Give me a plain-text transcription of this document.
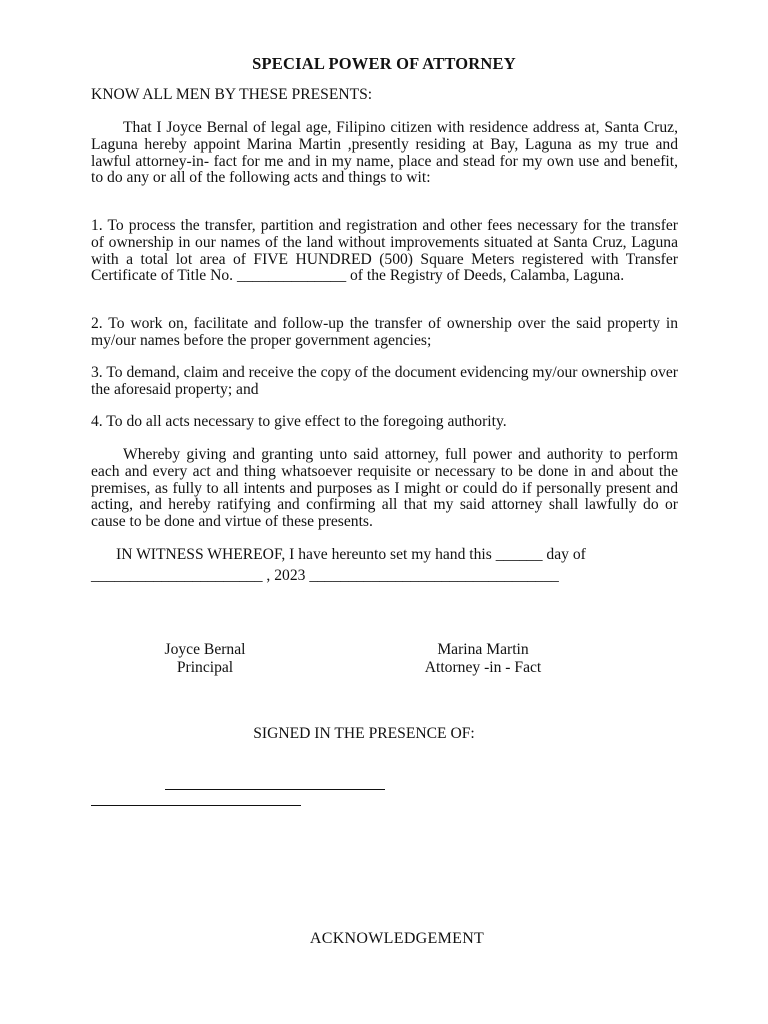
SPECIAL POWER OF ATTORNEY

KNOW ALL MEN BY THESE PRESENTS:

That I Joyce Bernal of legal age, Filipino citizen with residence address at, Santa Cruz, Laguna hereby appoint Marina Martin ,presently residing at Bay, Laguna as my true and lawful attorney-in- fact for me and in my name, place and stead for my own use and benefit, to do any or all of the following acts and things to wit:

1. To process the transfer, partition and registration and other fees necessary for the transfer of ownership in our names of the land without improvements situated at Santa Cruz, Laguna with a total lot area of FIVE HUNDRED (500) Square Meters registered with Transfer Certificate of Title No. ______________ of the Registry of Deeds, Calamba, Laguna.

2. To work on, facilitate and follow-up the transfer of ownership over the said property in my/our names before the proper government agencies;

3. To demand, claim and receive the copy of the document evidencing my/our ownership over the aforesaid property; and

4. To do all acts necessary to give effect to the foregoing authority.

Whereby giving and granting unto said attorney, full power and authority to perform each and every act and thing whatsoever requisite or necessary to be done in and about the premises, as fully to all intents and purposes as I might or could do if personally present and acting, and hereby ratifying and confirming all that my said attorney shall lawfully do or cause to be done and virtue of these presents.

IN WITNESS WHEREOF, I have hereunto set my hand this ______ day of
______________________ , 2023 ________________________________
Joyce Bernal
Principal
Marina Martin
Attorney -in - Fact

SIGNED IN THE PRESENCE OF:

ACKNOWLEDGEMENT
